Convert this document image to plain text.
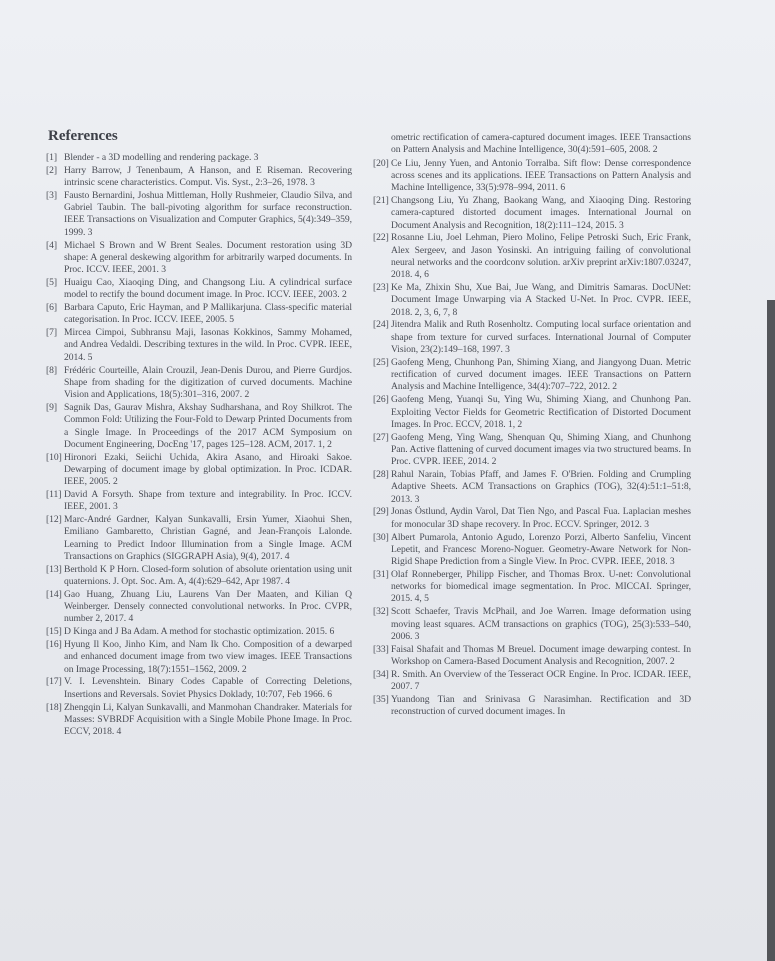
References
[1] Blender - a 3D modelling and rendering package. 3
[2] Harry Barrow, J Tenenbaum, A Hanson, and E Riseman. Recovering intrinsic scene characteristics. Comput. Vis. Syst., 2:3–26, 1978. 3
[3] Fausto Bernardini, Joshua Mittleman, Holly Rushmeier, Claudio Silva, and Gabriel Taubin. The ball-pivoting algorithm for surface reconstruction. IEEE Transactions on Visualization and Computer Graphics, 5(4):349–359, 1999. 3
[4] Michael S Brown and W Brent Seales. Document restoration using 3D shape: A general deskewing algorithm for arbitrarily warped documents. In Proc. ICCV. IEEE, 2001. 3
[5] Huaigu Cao, Xiaoqing Ding, and Changsong Liu. A cylindrical surface model to rectify the bound document image. In Proc. ICCV. IEEE, 2003. 2
[6] Barbara Caputo, Eric Hayman, and P Mallikarjuna. Class-specific material categorisation. In Proc. ICCV. IEEE, 2005. 5
[7] Mircea Cimpoi, Subhransu Maji, Iasonas Kokkinos, Sammy Mohamed, and Andrea Vedaldi. Describing textures in the wild. In Proc. CVPR. IEEE, 2014. 5
[8] Frédéric Courteille, Alain Crouzil, Jean-Denis Durou, and Pierre Gurdjos. Shape from shading for the digitization of curved documents. Machine Vision and Applications, 18(5):301–316, 2007. 2
[9] Sagnik Das, Gaurav Mishra, Akshay Sudharshana, and Roy Shilkrot. The Common Fold: Utilizing the Four-Fold to Dewarp Printed Documents from a Single Image. In Proceedings of the 2017 ACM Symposium on Document Engineering, DocEng '17, pages 125–128. ACM, 2017. 1, 2
[10] Hironori Ezaki, Seiichi Uchida, Akira Asano, and Hiroaki Sakoe. Dewarping of document image by global optimization. In Proc. ICDAR. IEEE, 2005. 2
[11] David A Forsyth. Shape from texture and integrability. In Proc. ICCV. IEEE, 2001. 3
[12] Marc-André Gardner, Kalyan Sunkavalli, Ersin Yumer, Xiaohui Shen, Emiliano Gambaretto, Christian Gagné, and Jean-François Lalonde. Learning to Predict Indoor Illumination from a Single Image. ACM Transactions on Graphics (SIGGRAPH Asia), 9(4), 2017. 4
[13] Berthold K P Horn. Closed-form solution of absolute orientation using unit quaternions. J. Opt. Soc. Am. A, 4(4):629–642, Apr 1987. 4
[14] Gao Huang, Zhuang Liu, Laurens Van Der Maaten, and Kilian Q Weinberger. Densely connected convolutional networks. In Proc. CVPR, number 2, 2017. 4
[15] D Kinga and J Ba Adam. A method for stochastic optimization. 2015. 6
[16] Hyung Il Koo, Jinho Kim, and Nam Ik Cho. Composition of a dewarped and enhanced document image from two view images. IEEE Transactions on Image Processing, 18(7):1551–1562, 2009. 2
[17] V. I. Levenshtein. Binary Codes Capable of Correcting Deletions, Insertions and Reversals. Soviet Physics Doklady, 10:707, Feb 1966. 6
[18] Zhengqin Li, Kalyan Sunkavalli, and Manmohan Chandraker. Materials for Masses: SVBRDF Acquisition with a Single Mobile Phone Image. In Proc. ECCV, 2018. 4
ometric rectification of camera-captured document images. IEEE Transactions on Pattern Analysis and Machine Intelligence, 30(4):591–605, 2008. 2
[20] Ce Liu, Jenny Yuen, and Antonio Torralba. Sift flow: Dense correspondence across scenes and its applications. IEEE Transactions on Pattern Analysis and Machine Intelligence, 33(5):978–994, 2011. 6
[21] Changsong Liu, Yu Zhang, Baokang Wang, and Xiaoqing Ding. Restoring camera-captured distorted document images. International Journal on Document Analysis and Recognition, 18(2):111–124, 2015. 3
[22] Rosanne Liu, Joel Lehman, Piero Molino, Felipe Petroski Such, Eric Frank, Alex Sergeev, and Jason Yosinski. An intriguing failing of convolutional neural networks and the coordconv solution. arXiv preprint arXiv:1807.03247, 2018. 4, 6
[23] Ke Ma, Zhixin Shu, Xue Bai, Jue Wang, and Dimitris Samaras. DocUNet: Document Image Unwarping via A Stacked U-Net. In Proc. CVPR. IEEE, 2018. 2, 3, 6, 7, 8
[24] Jitendra Malik and Ruth Rosenholtz. Computing local surface orientation and shape from texture for curved surfaces. International Journal of Computer Vision, 23(2):149–168, 1997. 3
[25] Gaofeng Meng, Chunhong Pan, Shiming Xiang, and Jiangyong Duan. Metric rectification of curved document images. IEEE Transactions on Pattern Analysis and Machine Intelligence, 34(4):707–722, 2012. 2
[26] Gaofeng Meng, Yuanqi Su, Ying Wu, Shiming Xiang, and Chunhong Pan. Exploiting Vector Fields for Geometric Rectification of Distorted Document Images. In Proc. ECCV, 2018. 1, 2
[27] Gaofeng Meng, Ying Wang, Shenquan Qu, Shiming Xiang, and Chunhong Pan. Active flattening of curved document images via two structured beams. In Proc. CVPR. IEEE, 2014. 2
[28] Rahul Narain, Tobias Pfaff, and James F. O'Brien. Folding and Crumpling Adaptive Sheets. ACM Transactions on Graphics (TOG), 32(4):51:1–51:8, 2013. 3
[29] Jonas Östlund, Aydin Varol, Dat Tien Ngo, and Pascal Fua. Laplacian meshes for monocular 3D shape recovery. In Proc. ECCV. Springer, 2012. 3
[30] Albert Pumarola, Antonio Agudo, Lorenzo Porzi, Alberto Sanfeliu, Vincent Lepetit, and Francesc Moreno-Noguer. Geometry-Aware Network for Non-Rigid Shape Prediction from a Single View. In Proc. CVPR. IEEE, 2018. 3
[31] Olaf Ronneberger, Philipp Fischer, and Thomas Brox. U-net: Convolutional networks for biomedical image segmentation. In Proc. MICCAI. Springer, 2015. 4, 5
[32] Scott Schaefer, Travis McPhail, and Joe Warren. Image deformation using moving least squares. ACM transactions on graphics (TOG), 25(3):533–540, 2006. 3
[33] Faisal Shafait and Thomas M Breuel. Document image dewarping contest. In Workshop on Camera-Based Document Analysis and Recognition, 2007. 2
[34] R. Smith. An Overview of the Tesseract OCR Engine. In Proc. ICDAR. IEEE, 2007. 7
[35] Yuandong Tian and Srinivasa G Narasimhan. Rectification and 3D reconstruction of curved document images. In
